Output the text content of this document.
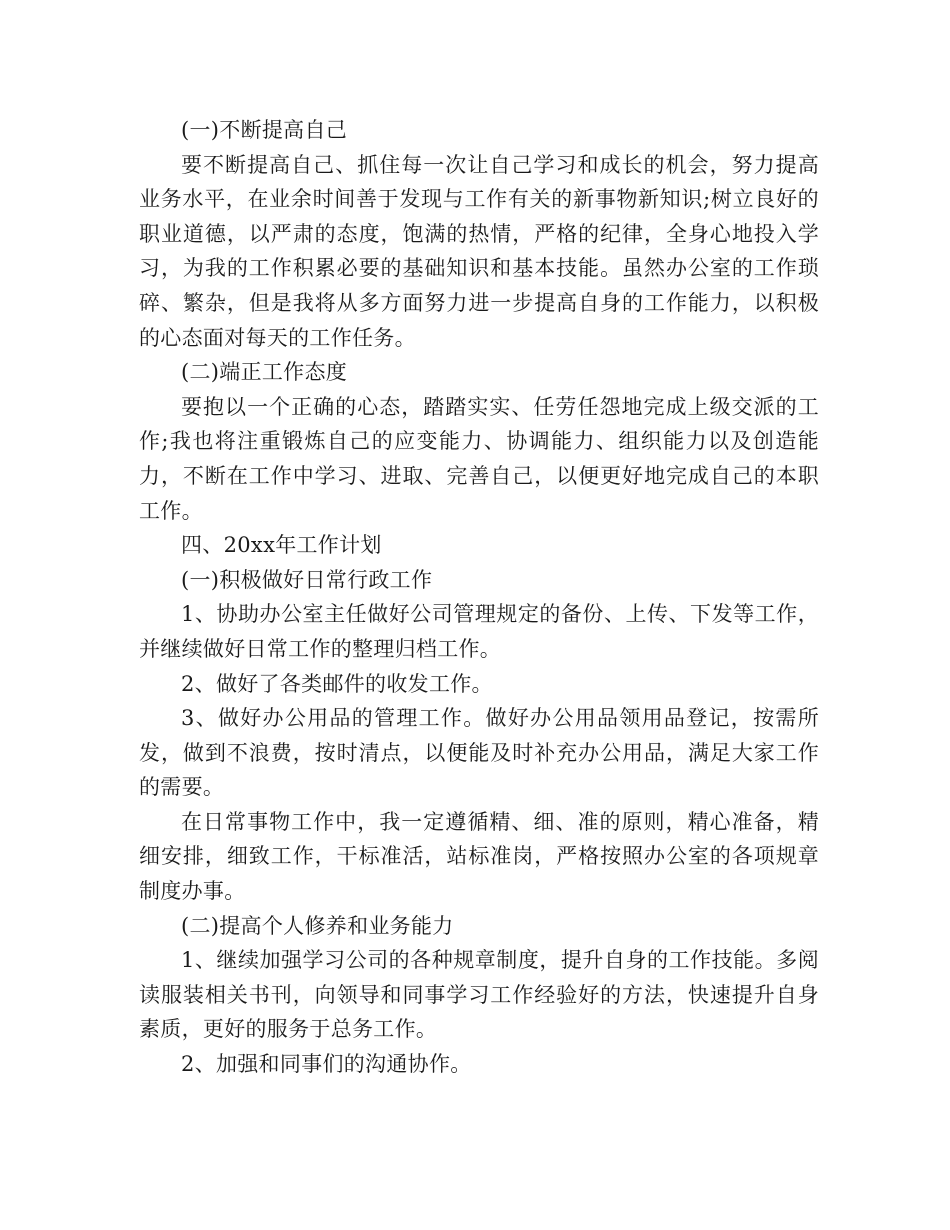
(一)不断提高自己

要不断提高自己、抓住每一次让自己学习和成长的机会，努力提高业务水平，在业余时间善于发现与工作有关的新事物新知识;树立良好的职业道德，以严肃的态度，饱满的热情，严格的纪律，全身心地投入学习，为我的工作积累必要的基础知识和基本技能。虽然办公室的工作琐碎、繁杂，但是我将从多方面努力进一步提高自身的工作能力，以积极的心态面对每天的工作任务。

(二)端正工作态度

要抱以一个正确的心态，踏踏实实、任劳任怨地完成上级交派的工作;我也将注重锻炼自己的应变能力、协调能力、组织能力以及创造能力，不断在工作中学习、进取、完善自己，以便更好地完成自己的本职工作。

四、20xx年工作计划

(一)积极做好日常行政工作

1、协助办公室主任做好公司管理规定的备份、上传、下发等工作，并继续做好日常工作的整理归档工作。

2、做好了各类邮件的收发工作。

3、做好办公用品的管理工作。做好办公用品领用品登记，按需所发，做到不浪费，按时清点，以便能及时补充办公用品，满足大家工作的需要。

在日常事物工作中，我一定遵循精、细、准的原则，精心准备，精细安排，细致工作，干标准活，站标准岗，严格按照办公室的各项规章制度办事。

(二)提高个人修养和业务能力

1、继续加强学习公司的各种规章制度，提升自身的工作技能。多阅读服装相关书刊，向领导和同事学习工作经验好的方法，快速提升自身素质，更好的服务于总务工作。

2、加强和同事们的沟通协作。
